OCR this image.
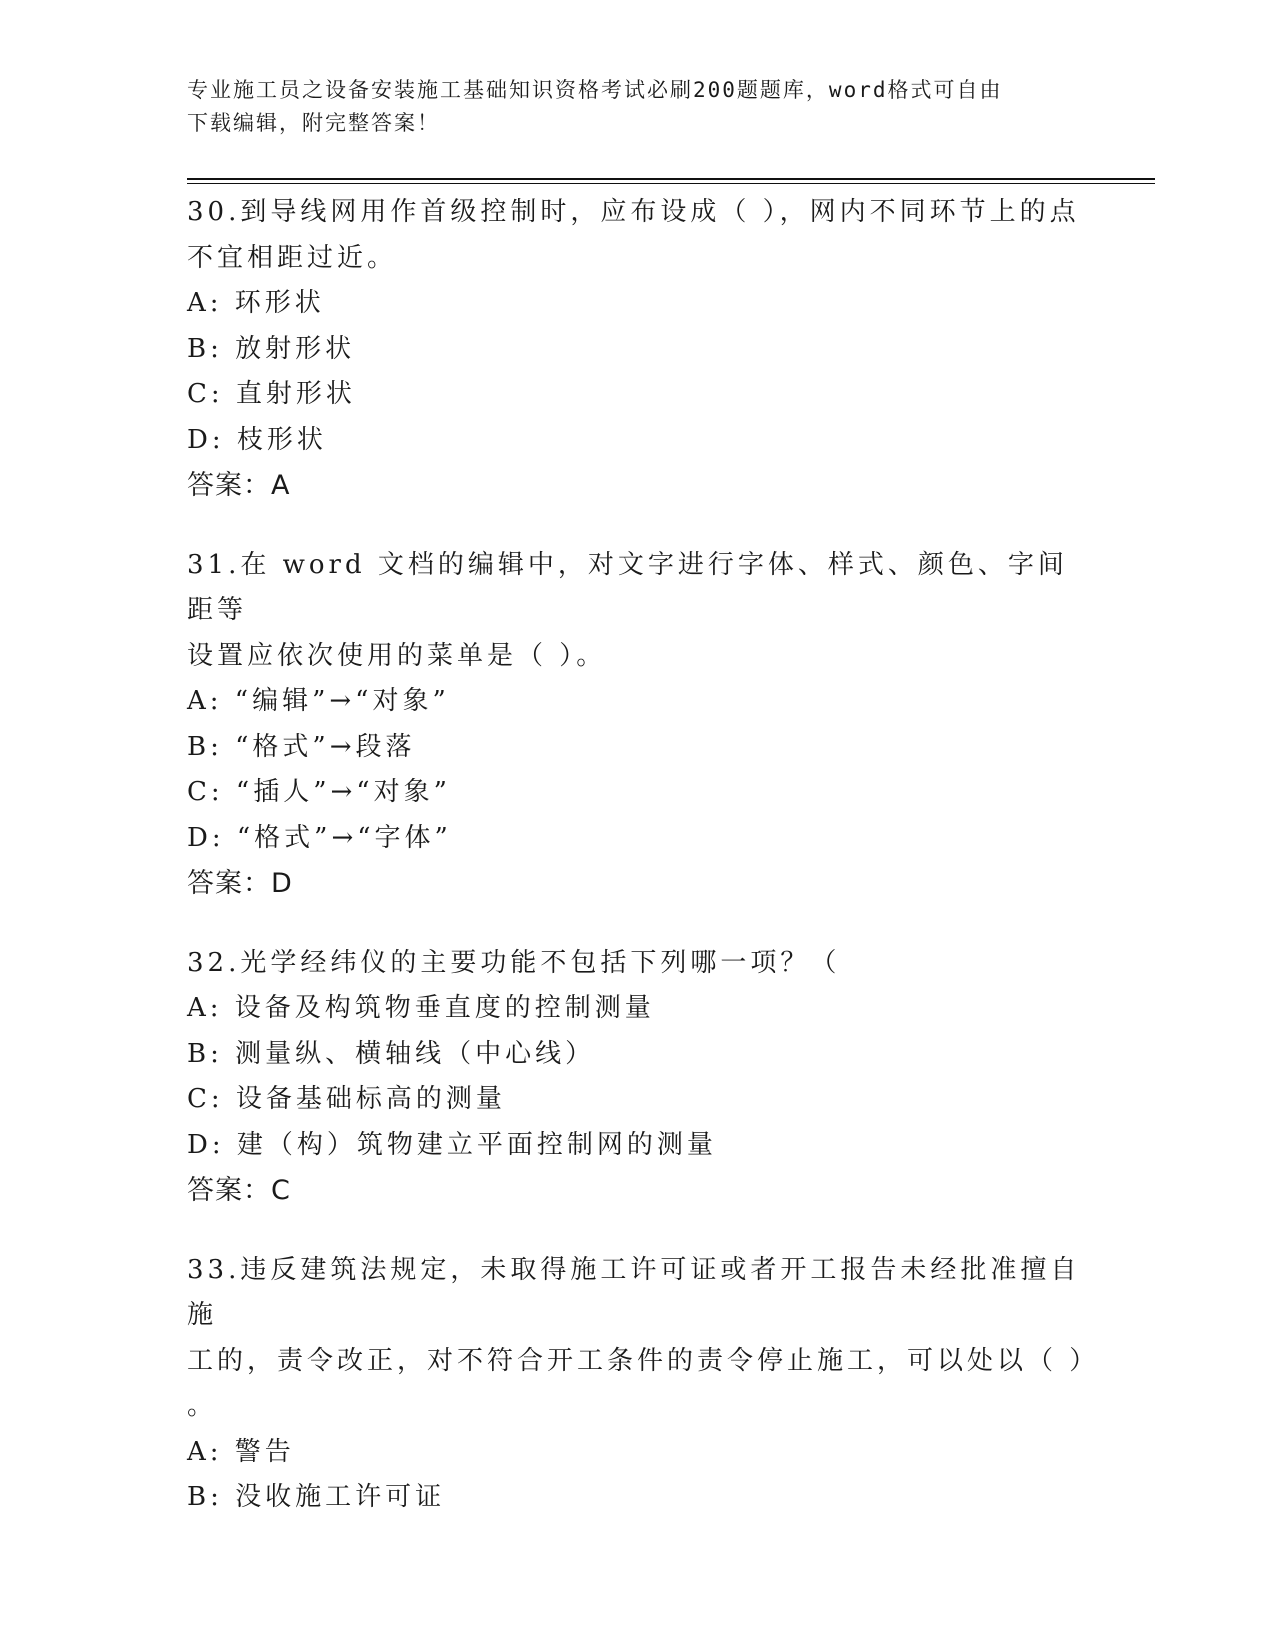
专业施工员之设备安装施工基础知识资格考试必刷200题题库，word格式可自由
下载编辑，附完整答案！
30.到导线网用作首级控制时，应布设成（ ），网内不同环节上的点
不宜相距过近。
A: 环形状
B: 放射形状
C: 直射形状
D: 枝形状
答案：A
31.在 word 文档的编辑中，对文字进行字体、样式、颜色、字间距等
设置应依次使用的菜单是（ ）。
A: “编辑”→“对象”
B: “格式”→段落
C: “插人”→“对象”
D: “格式”→“字体”
答案：D
32.光学经纬仪的主要功能不包括下列哪一项？（
A: 设备及构筑物垂直度的控制测量
B: 测量纵、横轴线（中心线）
C: 设备基础标高的测量
D: 建（构）筑物建立平面控制网的测量
答案：C
33.违反建筑法规定，未取得施工许可证或者开工报告未经批准擅自施
工的，责令改正，对不符合开工条件的责令停止施工，可以处以（ ）
。
A: 警告
B: 没收施工许可证
